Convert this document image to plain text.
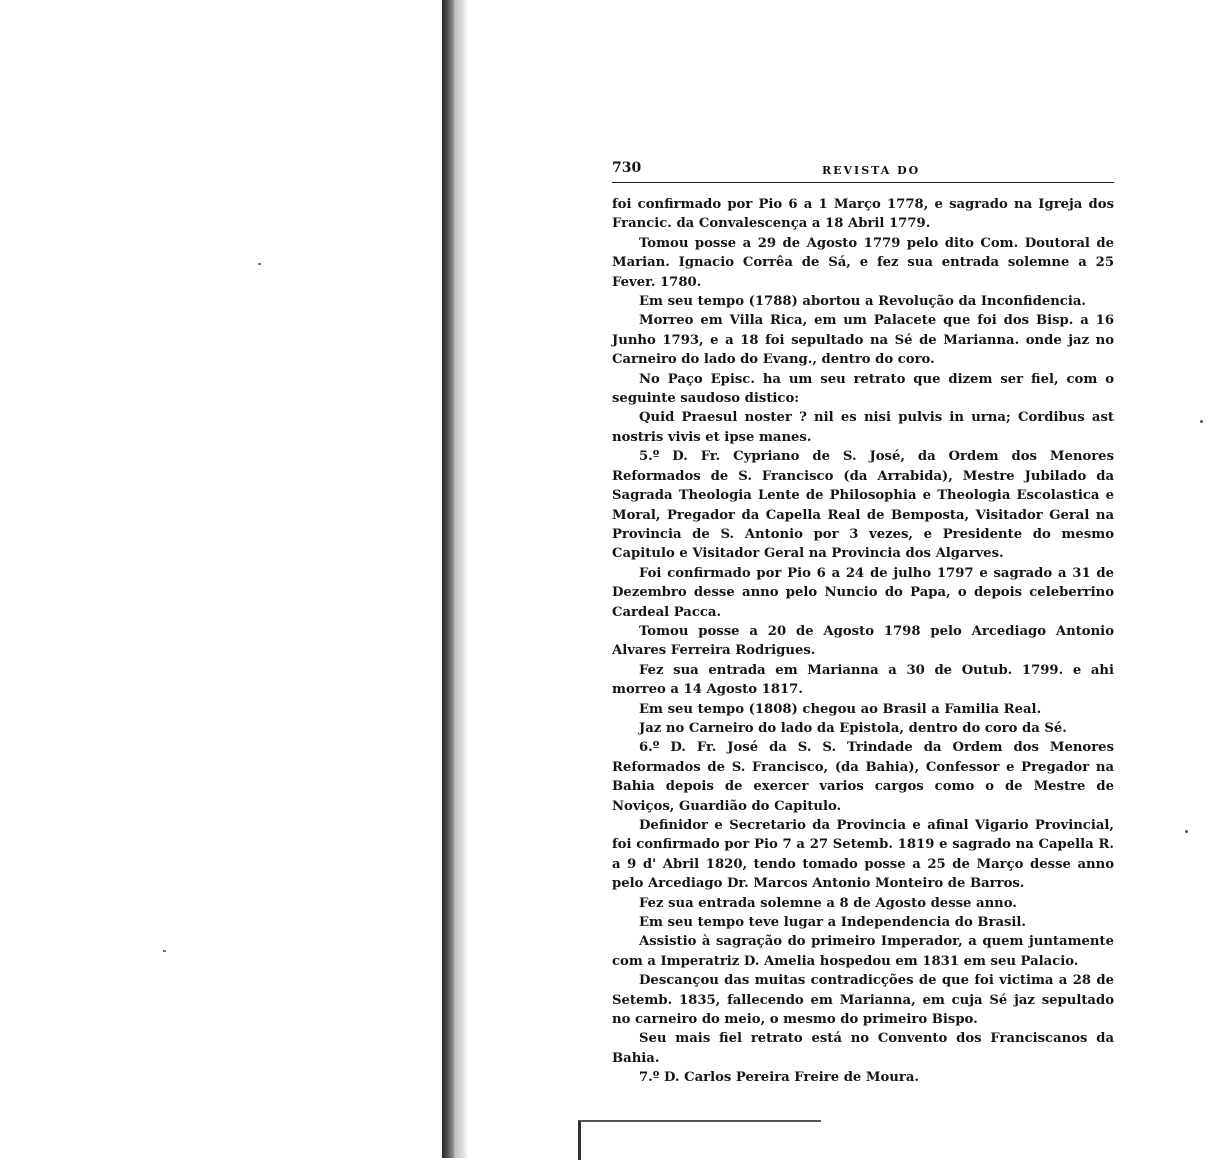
730	REVISTA DO

foi confirmado por Pio 6 a 1 Março 1778, e sagrado na Igreja dos Francic. da Convalescença a 18 Abril 1779.

Tomou posse a 29 de Agosto 1779 pelo dito Com. Doutoral de Marian. Ignacio Corrêa de Sá, e fez sua entrada solemne a 25 Fever. 1780.

Em seu tempo (1788) abortou a Revolução da Inconfidencia.

Morreo em Villa Rica, em um Palacete que foi dos Bisp. a 16 Junho 1793, e a 18 foi sepultado na Sé de Marianna. onde jaz no Carneiro do lado do Evang., dentro do coro.

No Paço Episc. ha um seu retrato que dizem ser fiel, com o seguinte saudoso distico:

Quid Praesul noster ? nil es nisi pulvis in urna; Cordibus ast nostris vivis et ipse manes.

5.º D. Fr. Cypriano de S. José, da Ordem dos Menores Reformados de S. Francisco (da Arrabida), Mestre Jubilado da Sagrada Theologia Lente de Philosophia e Theologia Escolastica e Moral, Pregador da Capella Real de Bemposta, Visitador Geral na Provincia de S. Antonio por 3 vezes, e Presidente do mesmo Capitulo e Visitador Geral na Provincia dos Algarves.

Foi confirmado por Pio 6 a 24 de julho 1797 e sagrado a 31 de Dezembro desse anno pelo Nuncio do Papa, o depois celeberrino Cardeal Pacca.

Tomou posse a 20 de Agosto 1798 pelo Arcediago Antonio Alvares Ferreira Rodrigues.

Fez sua entrada em Marianna a 30 de Outub. 1799. e ahi morreo a 14 Agosto 1817.

Em seu tempo (1808) chegou ao Brasil a Familia Real.

Jaz no Carneiro do lado da Epistola, dentro do coro da Sé.

6.º D. Fr. José da S. S. Trindade da Ordem dos Menores Reformados de S. Francisco, (da Bahia), Confessor e Pregador na Bahia depois de exercer varios cargos como o de Mestre de Noviços, Guardião do Capitulo.

Definidor e Secretario da Provincia e afinal Vigario Provincial, foi confirmado por Pio 7 a 27 Setemb. 1819 e sagrado na Capella R. a 9 d' Abril 1820, tendo tomado posse a 25 de Março desse anno pelo Arcediago Dr. Marcos Antonio Monteiro de Barros.

Fez sua entrada solemne a 8 de Agosto desse anno.

Em seu tempo teve lugar a Independencia do Brasil.

Assistio à sagração do primeiro Imperador, a quem juntamente com a Imperatriz D. Amelia hospedou em 1831 em seu Palacio.

Descançou das muitas contradicções de que foi victima a 28 de Setemb. 1835, fallecendo em Marianna, em cuja Sé jaz sepultado no carneiro do meio, o mesmo do primeiro Bispo.

Seu mais fiel retrato está no Convento dos Franciscanos da Bahia.

7.º D. Carlos Pereira Freire de Moura.
